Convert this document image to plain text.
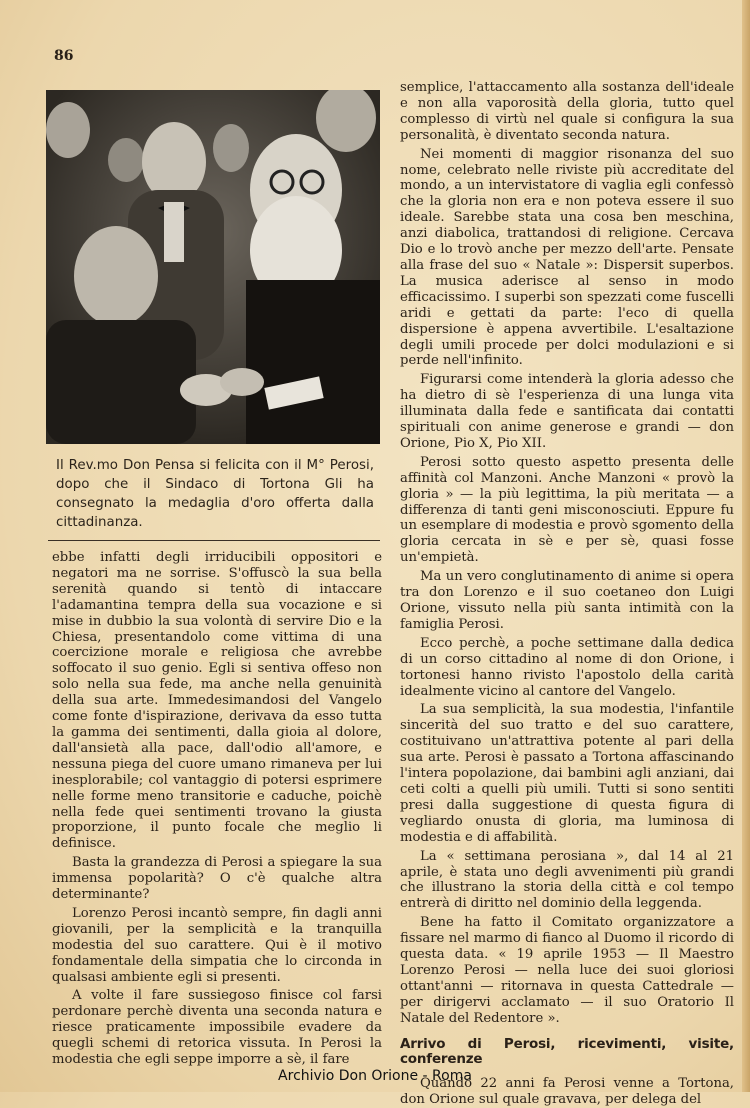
86
Il Rev.mo Don Pensa si felicita con il M° Perosi, dopo che il Sindaco di Tortona Gli ha consegnato la medaglia d'oro offerta dalla cittadinanza.

ebbe infatti degli irriducibili oppositori e negatori ma ne sorrise. S'offuscò la sua bella serenità quando si tentò di intaccare l'adamantina tempra della sua vocazione e si mise in dubbio la sua volontà di servire Dio e la Chiesa, presentandolo come vittima di una coercizione morale e religiosa che avrebbe soffocato il suo genio. Egli si sentiva offeso non solo nella sua fede, ma anche nella genuinità della sua arte. Immedesimandosi del Vangelo come fonte d'ispirazione, derivava da esso tutta la gamma dei sentimenti, dalla gioia al dolore, dall'ansietà alla pace, dall'odio all'amore, e nessuna piega del cuore umano rimaneva per lui inesplorabile; col vantaggio di potersi esprimere nelle forme meno transitorie e caduche, poichè nella fede quei sentimenti trovano la giusta proporzione, il punto focale che meglio li definisce.

Basta la grandezza di Perosi a spiegare la sua immensa popolarità? O c'è qualche altra determinante?

Lorenzo Perosi incantò sempre, fin dagli anni giovanili, per la semplicità e la tranquilla modestia del suo carattere. Qui è il motivo fondamentale della simpatia che lo circonda in qualsasi ambiente egli si presenti.

A volte il fare sussiegoso finisce col farsi perdonare perchè diventa una seconda natura e riesce praticamente impossibile evadere da quegli schemi di retorica vissuta. In Perosi la modestia che egli seppe imporre a sè, il fare

semplice, l'attaccamento alla sostanza dell'ideale e non alla vaporosità della gloria, tutto quel complesso di virtù nel quale si configura la sua personalità, è diventato seconda natura.

Nei momenti di maggior risonanza del suo nome, celebrato nelle riviste più accreditate del mondo, a un intervistatore di vaglia egli confessò che la gloria non era e non poteva essere il suo ideale. Sarebbe stata una cosa ben meschina, anzi diabolica, trattandosi di religione. Cercava Dio e lo trovò anche per mezzo dell'arte. Pensate alla frase del suo « Natale »: Dispersit superbos. La musica aderisce al senso in modo efficacissimo. I superbi son spezzati come fuscelli aridi e gettati da parte: l'eco di quella dispersione è appena avvertibile. L'esaltazione degli umili procede per dolci modulazioni e si perde nell'infinito.

Figurarsi come intenderà la gloria adesso che ha dietro di sè l'esperienza di una lunga vita illuminata dalla fede e santificata dai contatti spirituali con anime generose e grandi — don Orione, Pio X, Pio XII.

Perosi sotto questo aspetto presenta delle affinità col Manzoni. Anche Manzoni « provò la gloria » — la più legittima, la più meritata — a differenza di tanti geni misconosciuti. Eppure fu un esemplare di modestia e provò sgomento della gloria cercata in sè e per sè, quasi fosse un'empietà.

Ma un vero conglutinamento di anime si opera tra don Lorenzo e il suo coetaneo don Luigi Orione, vissuto nella più santa intimità con la famiglia Perosi.

Ecco perchè, a poche settimane dalla dedica di un corso cittadino al nome di don Orione, i tortonesi hanno rivisto l'apostolo della carità idealmente vicino al cantore del Vangelo.

La sua semplicità, la sua modestia, l'infantile sincerità del suo tratto e del suo carattere, costituivano un'attrattiva potente al pari della sua arte. Perosi è passato a Tortona affascinando l'intera popolazione, dai bambini agli anziani, dai ceti colti a quelli più umili. Tutti si sono sentiti presi dalla suggestione di questa figura di vegliardo onusta di gloria, ma luminosa di modestia e di affabilità.

La « settimana perosiana », dal 14 al 21 aprile, è stata uno degli avvenimenti più grandi che illustrano la storia della città e col tempo entrerà di diritto nel dominio della leggenda.

Bene ha fatto il Comitato organizzatore a fissare nel marmo di fianco al Duomo il ricordo di questa data. « 19 aprile 1953 — Il Maestro Lorenzo Perosi — nella luce dei suoi gloriosi ottant'anni — ritornava in questa Cattedrale — per dirigervi acclamato — il suo Oratorio Il Natale del Redentore ».

Arrivo di Perosi, ricevimenti, visite, conferenze

Quando 22 anni fa Perosi venne a Tortona, don Orione sul quale gravava, per delega del

Archivio Don Orione - Roma
